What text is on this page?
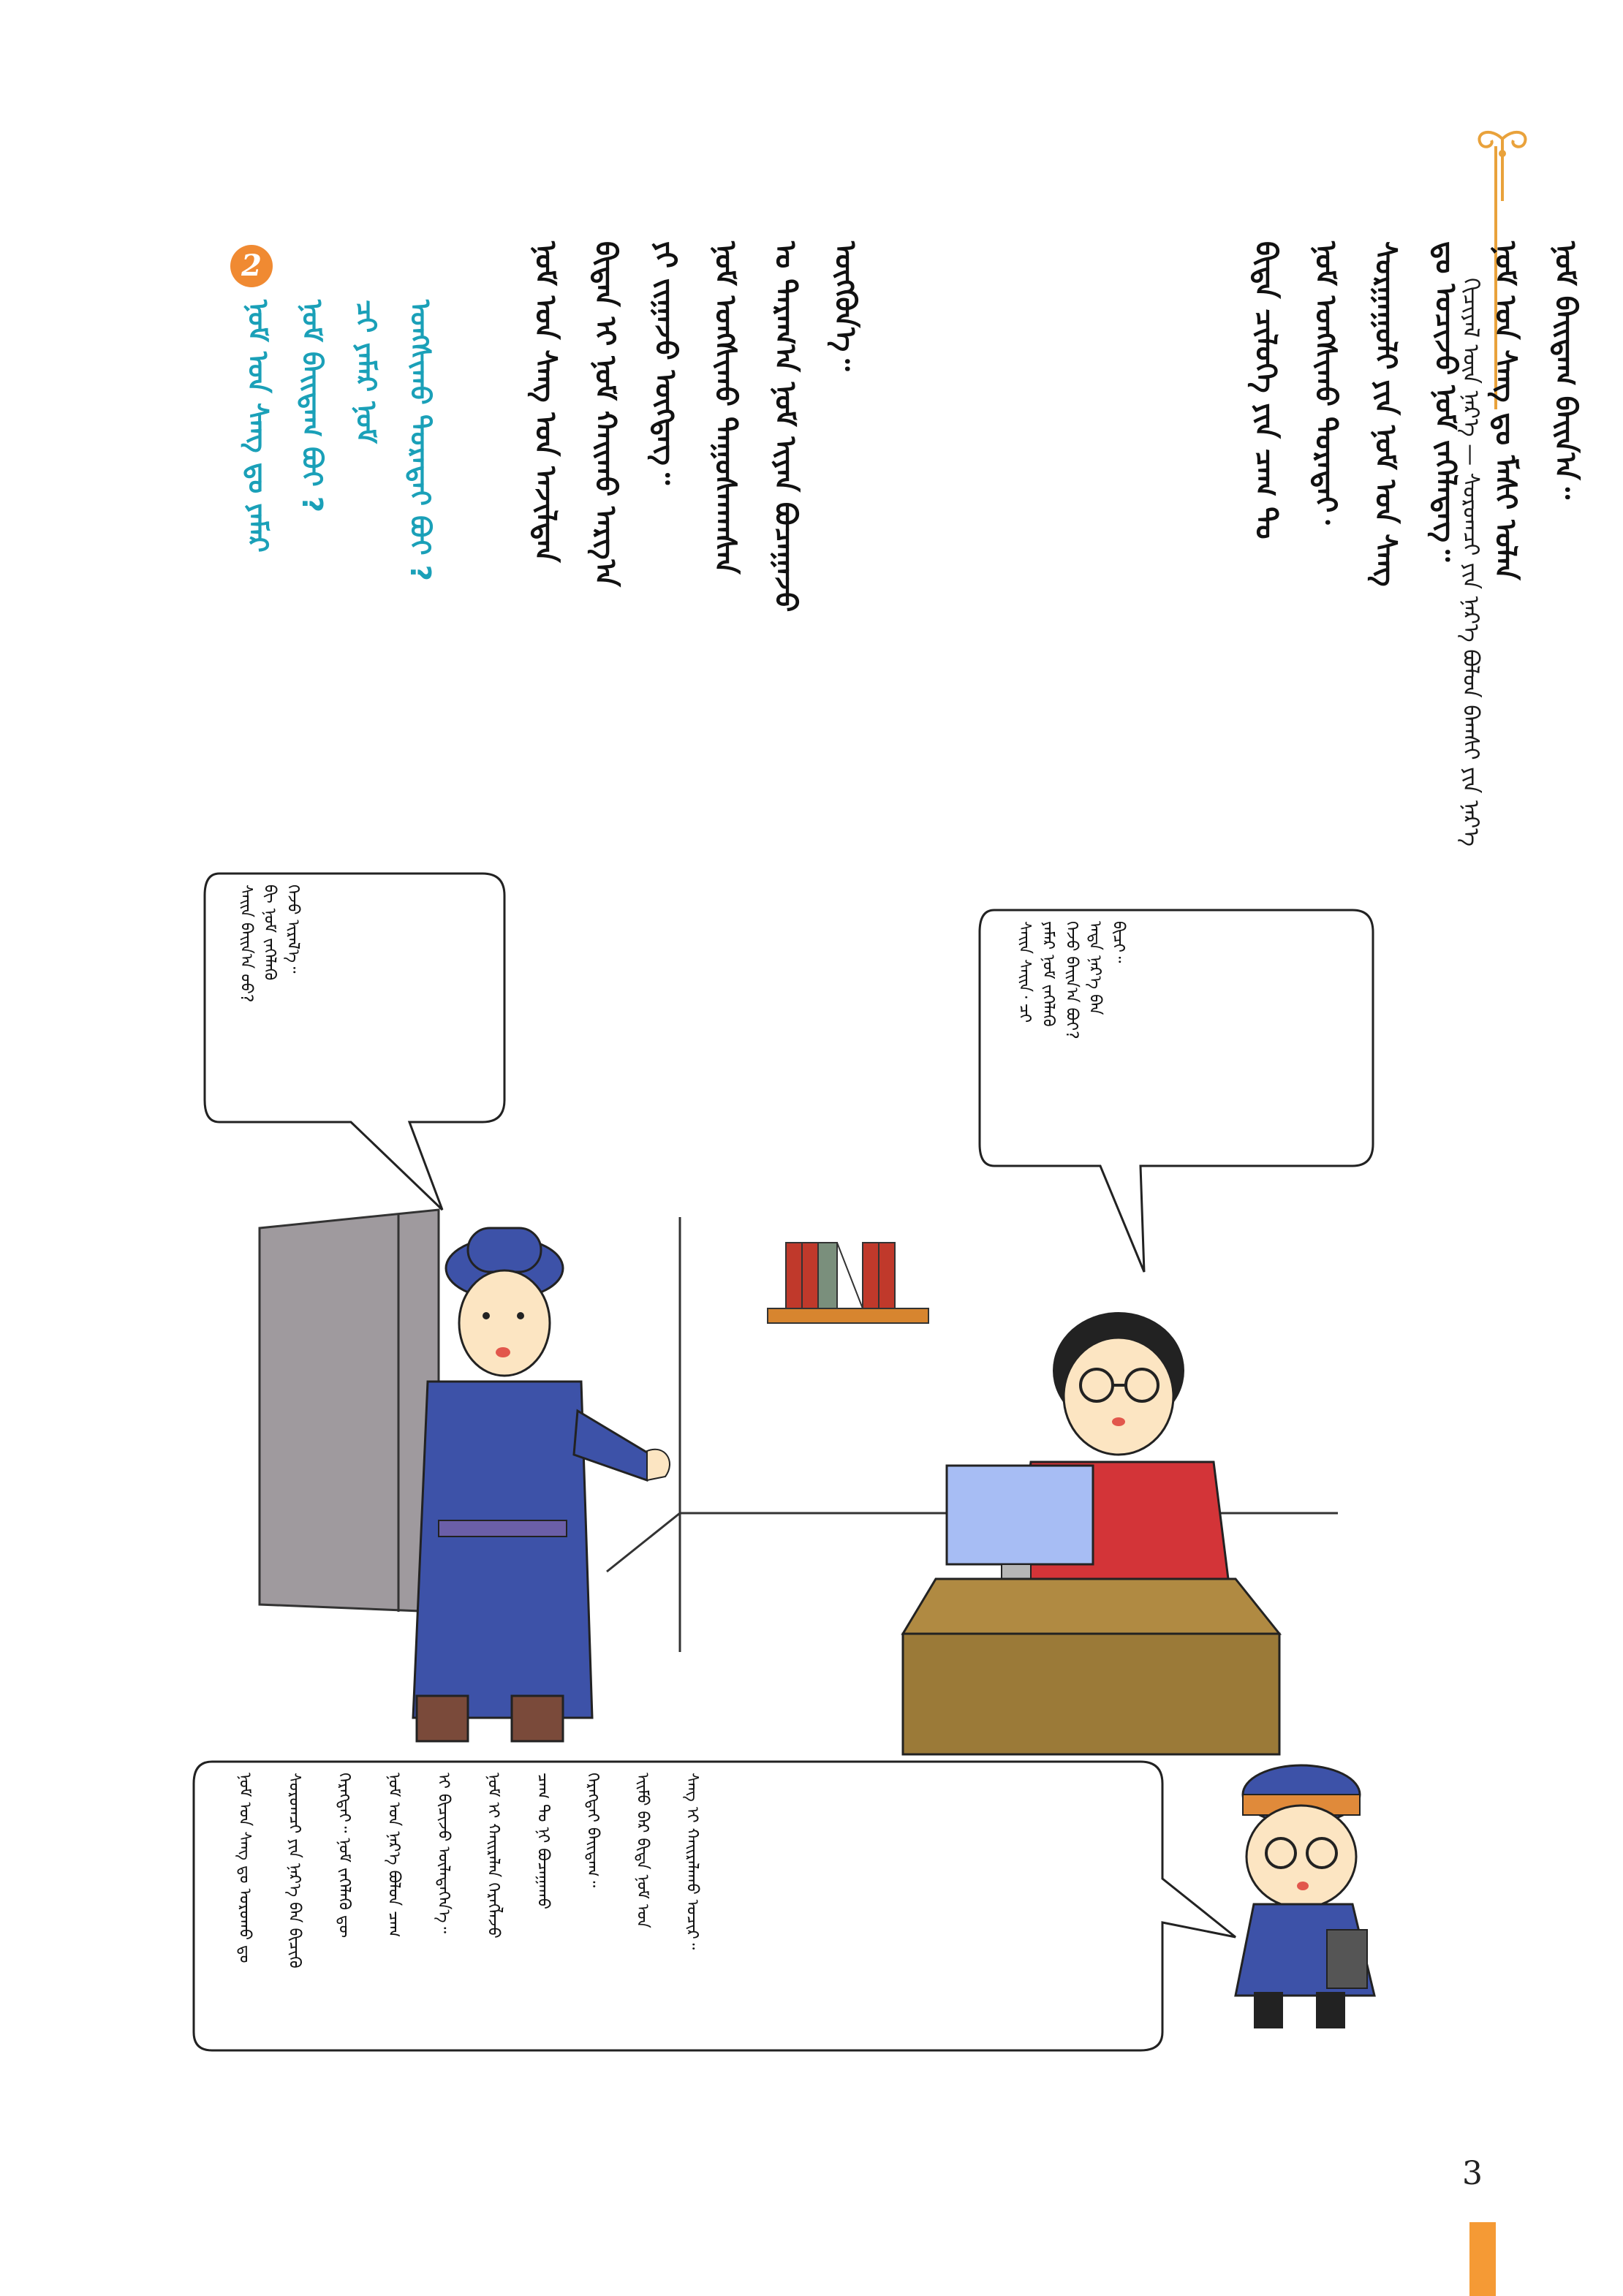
ᠬᠢᠴᠢᠶᠡᠯ ᠦᠨ ᠨᠡᠷ᠎ᠡ — ᠰᠤᠷᠤᠭᠴᠢ ᠶᠢᠨ ᠨᠡᠷ᠎ᠡ ᠪᠣᠯᠤᠨ ᠪᠠᠭᠰᠢ ᠶᠢᠨ ᠨᠡᠷ᠎ᠡ
ᠪᠢᠳᠡ ᠴᠢᠯᠦᠭᠡ ᠶᠢᠨ ᠴᠠᠭ ᠲᠤ
ᠨᠤᠮ ᠤᠩᠰᠢᠬᠤ ᠳᠤᠷᠠᠲᠠᠢ᠂
ᠰᠤᠷᠭᠠᠭᠤᠯᠢ ᠶᠢᠨ ᠨᠤᠮ ᠤᠨ ᠰᠠᠩ
ᠳᠤ ᠣᠴᠢᠵᠤ ᠨᠤᠮ ᠵᠡᠭᠡᠯᠡᠳᠡᠭ᠃
ᠨᠤᠮ ᠤᠨ ᠰᠠᠩ ᠳᠤ ᠮᠠᠰᠢ ᠣᠯᠠᠨ
ᠨᠤᠮ ᠪᠠᠢᠳᠠᠭ ᠪᠠᠢᠨ᠎ᠠ᠃
ᠨᠤᠮ ᠤᠨ ᠰᠠᠩ ᠤᠨ ᠠᠵᠢᠯᠲᠠᠨ
ᠪᠢᠳᠡᠨ ᠢ ᠨᠤᠮ ᠬᠠᠢᠬᠤ ᠠᠷᠭ᠎ᠠ
ᠶᠢ ᠵᠢᠭᠠᠵᠤ ᠦᠭᠳᠡᠭ᠃
ᠨᠤᠮ ᠤᠩᠰᠢᠬᠤ ᠳᠠᠭᠤᠰᠬᠠᠭᠰᠠᠨ
ᠤ ᠳᠠᠷᠠᠭ᠎ᠠ ᠨᠤᠮ ᠢᠶᠠᠨ ᠪᠤᠴᠠᠭᠠᠵᠤ
ᠥᠭᠭᠦᠨ᠎ᠡ᠃
2
ᠨᠤᠮ ᠤᠨ ᠰᠠᠩ ᠳᠤ ᠶᠠᠮᠠᠷ
ᠨᠤᠮ ᠪᠠᠢᠳᠠᠭ ᠪᠤᠢ ?
ᠴᠢ ᠶᠠᠮᠠᠷ ᠨᠤᠮ
ᠤᠩᠰᠢᠬᠤ ᠳᠤᠷᠠᠲᠠᠢ ᠪᠤᠢ ?
ᠰᠠᠢᠨ ᠪᠠᠢᠨ᠎ᠠ ᠤᠤ?
ᠪᠢ ᠨᠤᠮ ᠵᠡᠭᠡᠯᠡᠬᠦ
ᠭᠡᠵᠦ ᠢᠷᠡᠯ᠎ᠡ᠃	ᠰᠠᠢᠨ ᠰᠠᠢᠨ᠂ ᠴᠢ
ᠶᠠᠮᠠᠷ ᠨᠤᠮ ᠵᠡᠭᠡᠯᠡᠬᠦ
ᠭᠡᠵᠦ ᠪᠠᠢᠨ᠎ᠠ ᠪᠤᠢ?
ᠡᠨᠳᠡ ᠨᠡᠷ᠎ᠡ ᠪᠡᠨ
ᠪᠢᠴᠢ᠃
ᠨᠤᠮ ᠤᠨ ᠰᠠᠩ ᠳᠤ ᠣᠷᠣᠬᠤ ᠳᠤ
ᠰᠤᠷᠤᠭᠴᠢ ᠶᠢᠨ ᠨᠡᠷ᠎ᠡ ᠪᠡᠨ ᠪᠢᠴᠢᠬᠦ
ᠬᠡᠷᠡᠭᠲᠡᠢ᠃ ᠨᠤᠮ ᠵᠡᠭᠡᠯᠡᠬᠦ ᠳᠦ
ᠨᠤᠮ ᠤᠨ ᠨᠡᠷ᠎ᠡ ᠪᠤᠯᠤᠨ ᠴᠠᠭ
ᠢ ᠪᠢᠴᠢᠵᠦ ᠦᠯᠡᠳᠡᠭᠡᠨ᠎ᠡ᠃
ᠨᠤᠮ ᠢ ᠬᠠᠢᠷᠠᠯᠠᠨ ᠬᠡᠷᠡᠭᠯᠡᠵᠦ
ᠴᠠᠭ ᠲᠤ ᠨᠢ ᠪᠤᠴᠠᠭᠠᠬᠤ
ᠬᠡᠷᠡᠭᠲᠡᠢ ᠪᠠᠢᠳᠠᠭ᠃
ᠡᠢᠮᠦ ᠪᠡᠷ ᠪᠢᠳᠡ ᠨᠤᠮ ᠤᠨ
ᠰᠠᠩ ᠢ ᠬᠠᠢᠷᠠᠯᠠᠬᠤ ᠤᠴᠢᠷ᠃
3
